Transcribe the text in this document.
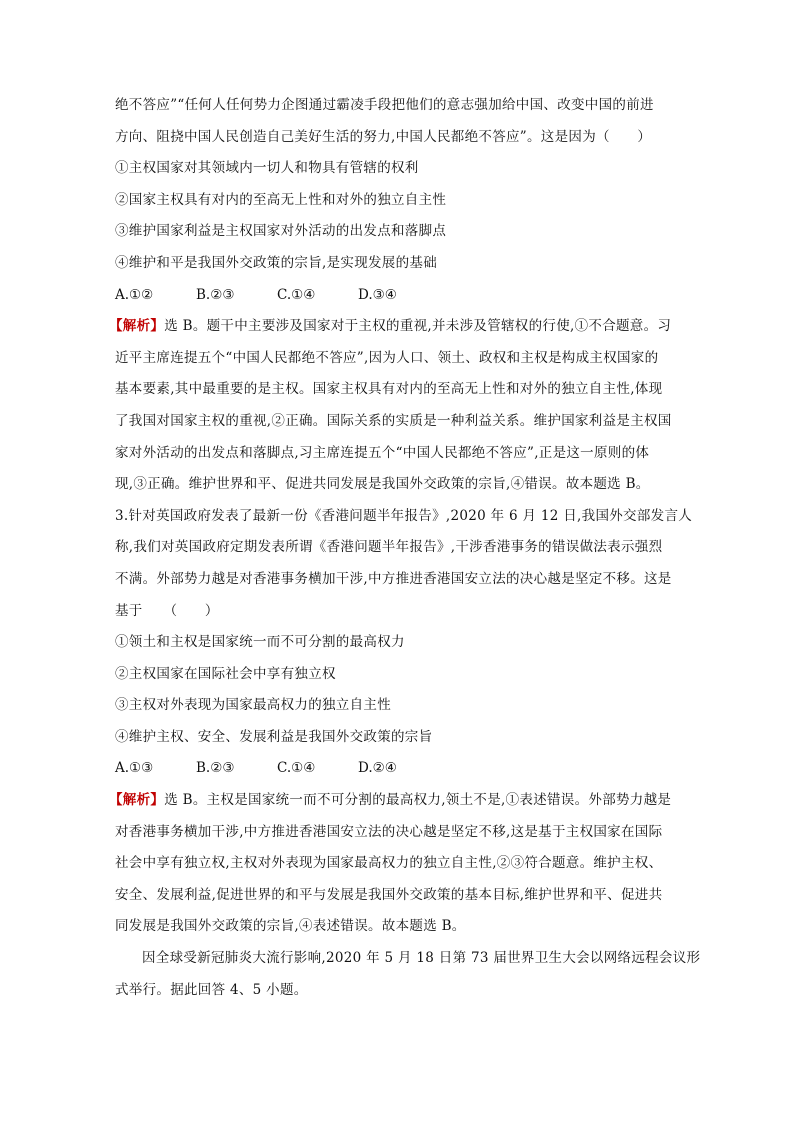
绝不答应”“任何人任何势力企图通过霸凌手段把他们的意志强加给中国、改变中国的前进
方向、阻挠中国人民创造自己美好生活的努力,中国人民都绝不答应”。这是因为（　　）
①主权国家对其领域内一切人和物具有管辖的权利
②国家主权具有对内的至高无上性和对外的独立自主性
③维护国家利益是主权国家对外活动的出发点和落脚点
④维护和平是我国外交政策的宗旨,是实现发展的基础
A.①②	B.②③	C.①④	D.③④
【解析】选 B。题干中主要涉及国家对于主权的重视,并未涉及管辖权的行使,①不合题意。习
近平主席连提五个“中国人民都绝不答应”,因为人口、领土、政权和主权是构成主权国家的
基本要素,其中最重要的是主权。国家主权具有对内的至高无上性和对外的独立自主性,体现
了我国对国家主权的重视,②正确。国际关系的实质是一种利益关系。维护国家利益是主权国
家对外活动的出发点和落脚点,习主席连提五个“中国人民都绝不答应”,正是这一原则的体
现,③正确。维护世界和平、促进共同发展是我国外交政策的宗旨,④错误。故本题选 B。
3.针对英国政府发表了最新一份《香港问题半年报告》,2020 年 6 月 12 日,我国外交部发言人
称,我们对英国政府定期发表所谓《香港问题半年报告》,干涉香港事务的错误做法表示强烈
不满。外部势力越是对香港事务横加干涉,中方推进香港国安立法的决心越是坚定不移。这是
基于　　（　　）
①领土和主权是国家统一而不可分割的最高权力
②主权国家在国际社会中享有独立权
③主权对外表现为国家最高权力的独立自主性
④维护主权、安全、发展利益是我国外交政策的宗旨
A.①③	B.②③	C.①④	D.②④
【解析】选 B。主权是国家统一而不可分割的最高权力,领土不是,①表述错误。外部势力越是
对香港事务横加干涉,中方推进香港国安立法的决心越是坚定不移,这是基于主权国家在国际
社会中享有独立权,主权对外表现为国家最高权力的独立自主性,②③符合题意。维护主权、
安全、发展利益,促进世界的和平与发展是我国外交政策的基本目标,维护世界和平、促进共
同发展是我国外交政策的宗旨,④表述错误。故本题选 B。
因全球受新冠肺炎大流行影响,2020 年 5 月 18 日第 73 届世界卫生大会以网络远程会议形
式举行。据此回答 4、5 小题。
